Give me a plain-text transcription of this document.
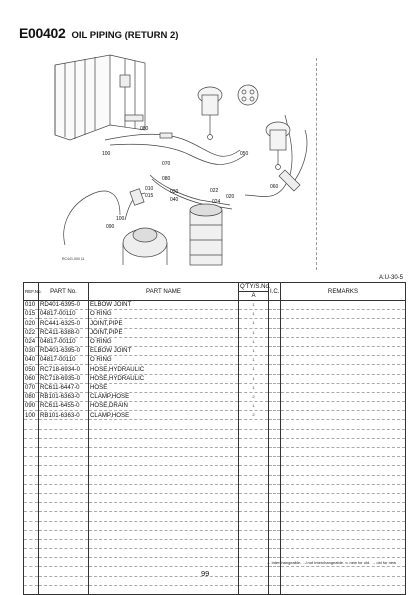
E00402 OIL PIPING (RETURN 2)
080
100
070
080
010
015
030
040
022
020
024
100
090
050
060
RC441-000 11
A:U-30-5
REF.No.	PART No.	PART NAME	Q'TY/S.No.	I.C.	REMARKS
			A		
010	RD401-6395-0	ELBOW JOINT	1		
015	04817-00110	O RING	1		
020	RC441-6325-0	JOINT,PIPE	1		
022	RC411-6388-0	JOINT,PIPE	1		
024	04817-00110	O RING	1		
030	RD401-6395-0	ELBOW JOINT	1		
040	04817-00110	O RING	1		
050	RC718-6934-0	HOSE,HYDRAULIC	1		
060	RC718-6935-0	HOSE,HYDRAULIC	1		
070	RC611-6447-0	HOSE	1		
080	RB101-6363-0	CLAMP,HOSE	2		
090	RC611-6455-0	HOSE,DRAIN	1		
100	RB101-6363-0	CLAMP,HOSE	2		

↔ Interchangeable. ↛ not Interchangeable. ⇐ new for old. → old for new
99
